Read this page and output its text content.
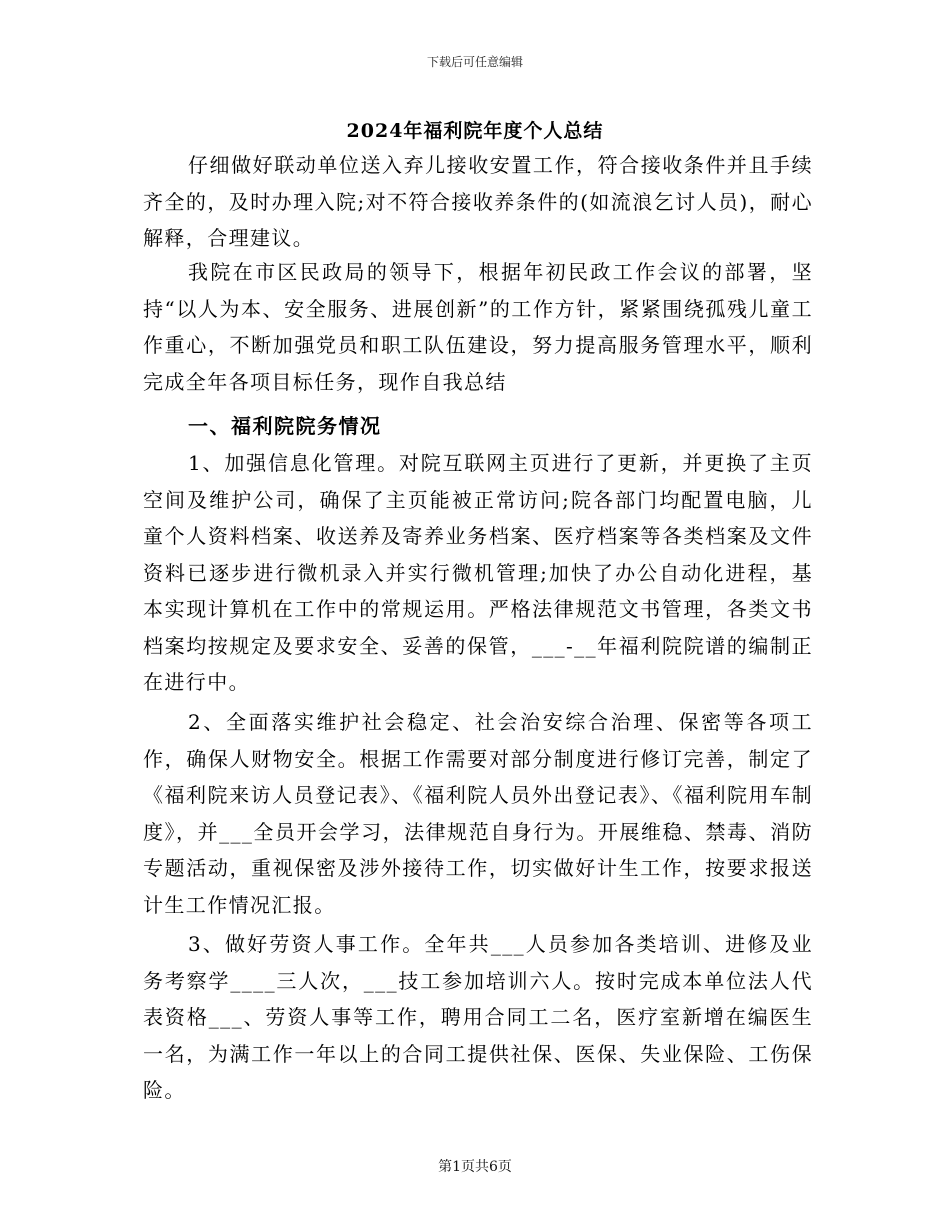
下载后可任意编辑
2024年福利院年度个人总结

仔细做好联动单位送入弃儿接收安置工作，符合接收条件并且手续齐全的，及时办理入院;对不符合接收养条件的(如流浪乞讨人员)，耐心解释，合理建议。

我院在市区民政局的领导下，根据年初民政工作会议的部署，坚持“以人为本、安全服务、进展创新”的工作方针，紧紧围绕孤残儿童工作重心，不断加强党员和职工队伍建设，努力提高服务管理水平，顺利完成全年各项目标任务，现作自我总结

一、福利院院务情况

1、加强信息化管理。对院互联网主页进行了更新，并更换了主页空间及维护公司，确保了主页能被正常访问;院各部门均配置电脑，儿童个人资料档案、收送养及寄养业务档案、医疗档案等各类档案及文件资料已逐步进行微机录入并实行微机管理;加快了办公自动化进程，基本实现计算机在工作中的常规运用。严格法律规范文书管理，各类文书档案均按规定及要求安全、妥善的保管，___-__年福利院院谱的编制正在进行中。

2、全面落实维护社会稳定、社会治安综合治理、保密等各项工作，确保人财物安全。根据工作需要对部分制度进行修订完善，制定了《福利院来访人员登记表》、《福利院人员外出登记表》、《福利院用车制度》，并___全员开会学习，法律规范自身行为。开展维稳、禁毒、消防专题活动，重视保密及涉外接待工作，切实做好计生工作，按要求报送计生工作情况汇报。

3、做好劳资人事工作。全年共___人员参加各类培训、进修及业务考察学____三人次，___技工参加培训六人。按时完成本单位法人代表资格___、劳资人事等工作，聘用合同工二名，医疗室新增在编医生一名，为满工作一年以上的合同工提供社保、医保、失业保险、工伤保险。

第1页共6页
